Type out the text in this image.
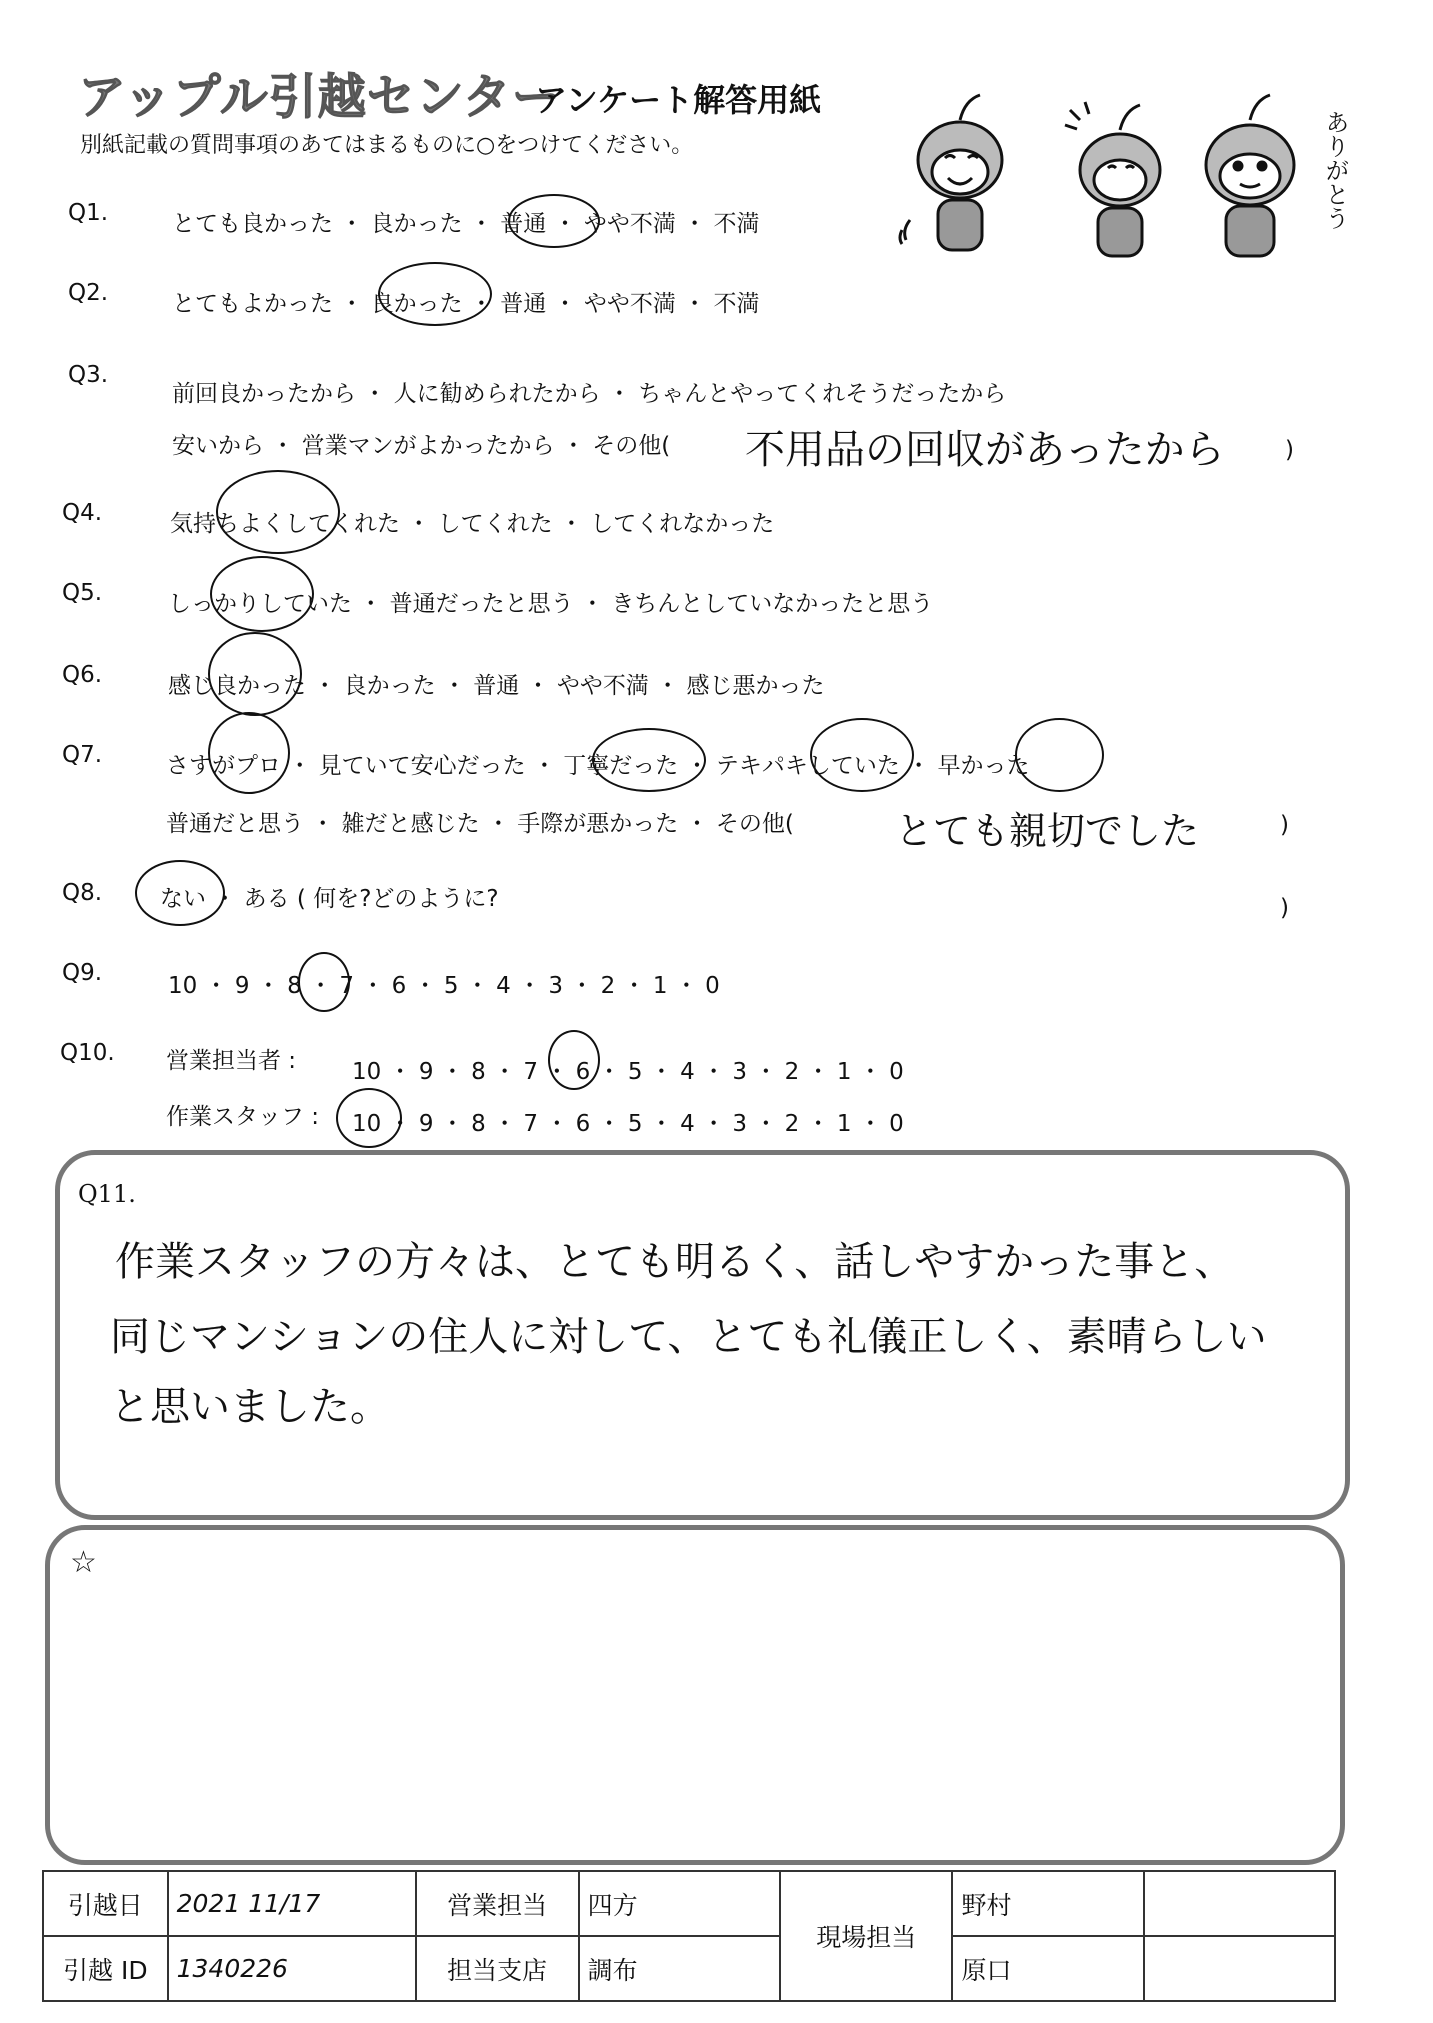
アップル引越センター
アンケート解答用紙
別紙記載の質問事項のあてはまるものに○をつけてください。	ありがとう
Q1.	とても良かった ・ 良かった ・ 普通 ・ やや不満 ・ 不満
Q2.	とてもよかった ・ 良かった ・ 普通 ・ やや不満 ・ 不満
Q3.
前回良かったから ・ 人に勧められたから ・ ちゃんとやってくれそうだったから
安いから ・ 営業マンがよかったから ・ その他( 不用品の回収があったから	)
Q4.	気持ちよくしてくれた ・ してくれた ・ してくれなかった
Q5.	しっかりしていた ・ 普通だったと思う ・ きちんとしていなかったと思う
Q6.	感じ良かった ・ 良かった ・ 普通 ・ やや不満 ・ 感じ悪かった
Q7.	さすがプロ ・ 見ていて安心だった ・ 丁寧だった ・ テキパキしていた ・ 早かった
普通だと思う ・ 雑だと感じた ・ 手際が悪かった ・ その他(	とても親切でした	)
Q8.	ない ・ ある ( 何を?どのように?	)
Q9.	10 ・ 9 ・ 8 ・ 7 ・ 6 ・ 5 ・ 4 ・ 3 ・ 2 ・ 1 ・ 0
Q10. 営業担当者 : 10 ・ 9 ・ 8 ・ 7 ・ 6 ・ 5 ・ 4 ・ 3 ・ 2 ・ 1 ・ 0
作業スタッフ : 10 ・ 9 ・ 8 ・ 7 ・ 6 ・ 5 ・ 4 ・ 3 ・ 2 ・ 1 ・ 0
Q11.
作業スタッフの方々は、とても明るく、話しやすかった事と、
同じマンションの住人に対して、とても礼儀正しく、素晴らしい
と思いました。
☆
引越日	2021 11/17	営業担当	四方	現場担当	野村	
引越 ID	1340226	担当支店	調布		原口	
